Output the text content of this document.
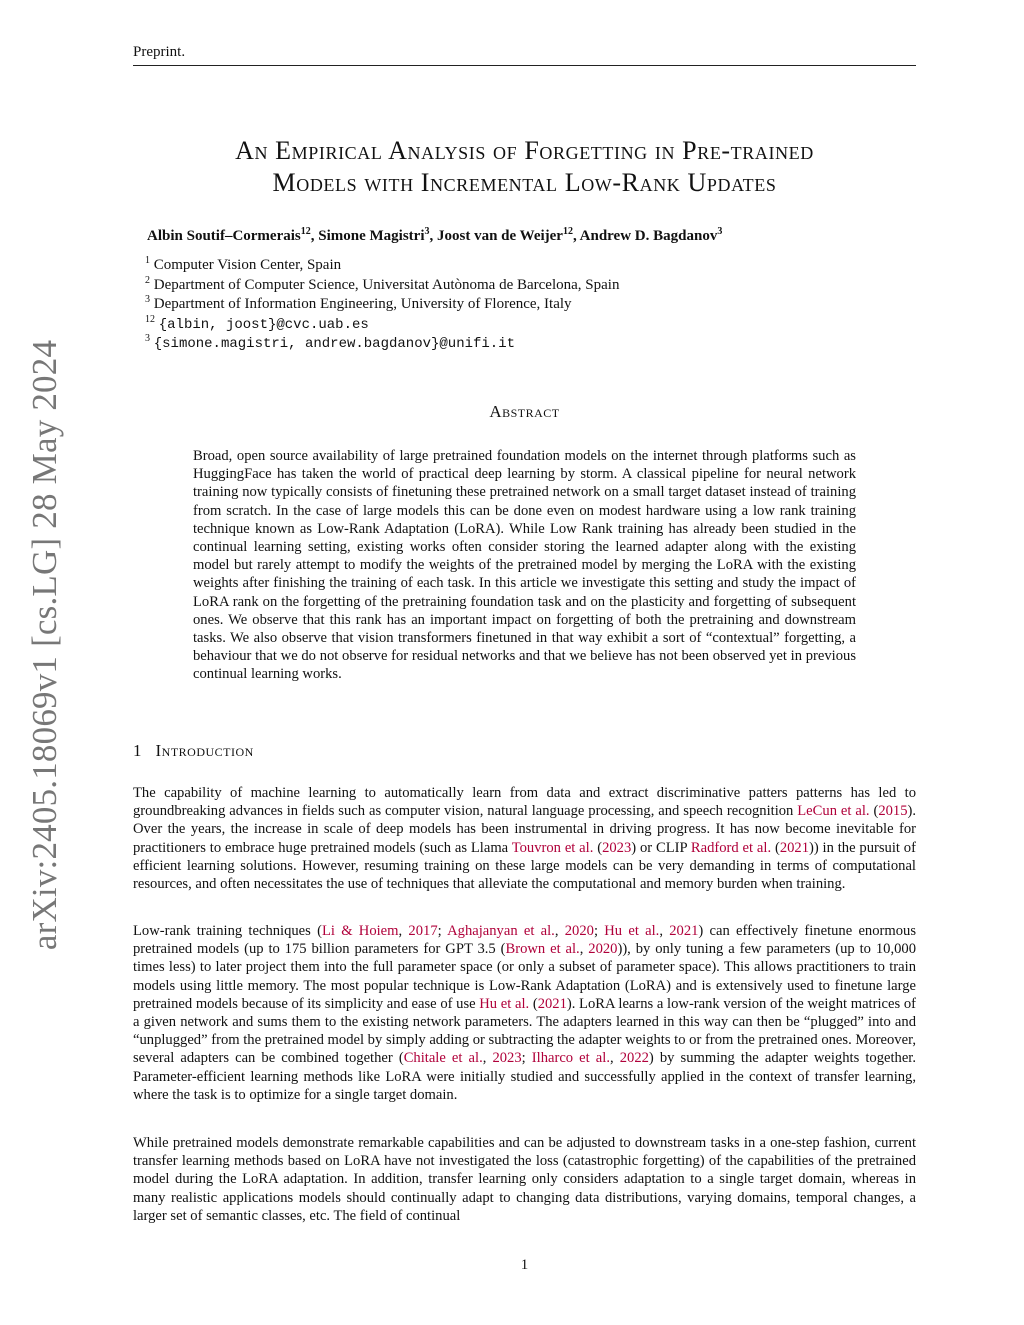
Preprint.
arXiv:2405.18069v1 [cs.LG] 28 May 2024
An Empirical Analysis of Forgetting in Pre-trained
Models with Incremental Low-Rank Updates
Albin Soutif–Cormerais$^{12}$, Simone Magistri$^3$, Joost van de Weijer$^{12}$, Andrew D. Bagdanov$^3$
$^1$ Computer Vision Center, Spain
$^2$ Department of Computer Science, Universitat Autònoma de Barcelona, Spain
$^3$ Department of Information Engineering, University of Florence, Italy
$^{12}$ {albin, joost}@cvc.uab.es
$^3$ {simone.magistri, andrew.bagdanov}@unifi.it
Abstract
Broad, open source availability of large pretrained foundation models on the internet through platforms such as HuggingFace has taken the world of practical deep learning by storm. A classical pipeline for neural network training now typically consists of finetuning these pretrained network on a small target dataset instead of training from scratch. In the case of large models this can be done even on modest hardware using a low rank training technique known as Low-Rank Adaptation (LoRA). While Low Rank training has already been studied in the continual learning setting, existing works often consider storing the learned adapter along with the existing model but rarely attempt to modify the weights of the pretrained model by merging the LoRA with the existing weights after finishing the training of each task. In this article we investigate this setting and study the impact of LoRA rank on the forgetting of the pretraining foundation task and on the plasticity and forgetting of subsequent ones. We observe that this rank has an important impact on forgetting of both the pretraining and downstream tasks. We also observe that vision transformers finetuned in that way exhibit a sort of “contextual” forgetting, a behaviour that we do not observe for residual networks and that we believe has not been observed yet in previous continual learning works.
1 Introduction
The capability of machine learning to automatically learn from data and extract discriminative patters patterns has led to groundbreaking advances in fields such as computer vision, natural language processing, and speech recognition LeCun et al. (2015). Over the years, the increase in scale of deep models has been instrumental in driving progress. It has now become inevitable for practitioners to embrace huge pretrained models (such as Llama Touvron et al. (2023) or CLIP Radford et al. (2021)) in the pursuit of efficient learning solutions. However, resuming training on these large models can be very demanding in terms of computational resources, and often necessitates the use of techniques that alleviate the computational and memory burden when training.
Low-rank training techniques (Li & Hoiem, 2017; Aghajanyan et al., 2020; Hu et al., 2021) can effectively finetune enormous pretrained models (up to 175 billion parameters for GPT 3.5 (Brown et al., 2020)), by only tuning a few parameters (up to 10,000 times less) to later project them into the full parameter space (or only a subset of parameter space). This allows practitioners to train models using little memory. The most popular technique is Low-Rank Adaptation (LoRA) and is extensively used to finetune large pretrained models because of its simplicity and ease of use Hu et al. (2021). LoRA learns a low-rank version of the weight matrices of a given network and sums them to the existing network parameters. The adapters learned in this way can then be “plugged” into and “unplugged” from the pretrained model by simply adding or subtracting the adapter weights to or from the pretrained ones. Moreover, several adapters can be combined together (Chitale et al., 2023; Ilharco et al., 2022) by summing the adapter weights together. Parameter-efficient learning methods like LoRA were initially studied and successfully applied in the context of transfer learning, where the task is to optimize for a single target domain.
While pretrained models demonstrate remarkable capabilities and can be adjusted to downstream tasks in a one-step fashion, current transfer learning methods based on LoRA have not investigated the loss (catastrophic forgetting) of the capabilities of the pretrained model during the LoRA adaptation. In addition, transfer learning only considers adaptation to a single target domain, whereas in many realistic applications models should continually adapt to changing data distributions, varying domains, temporal changes, a larger set of semantic classes, etc. The field of continual
1
